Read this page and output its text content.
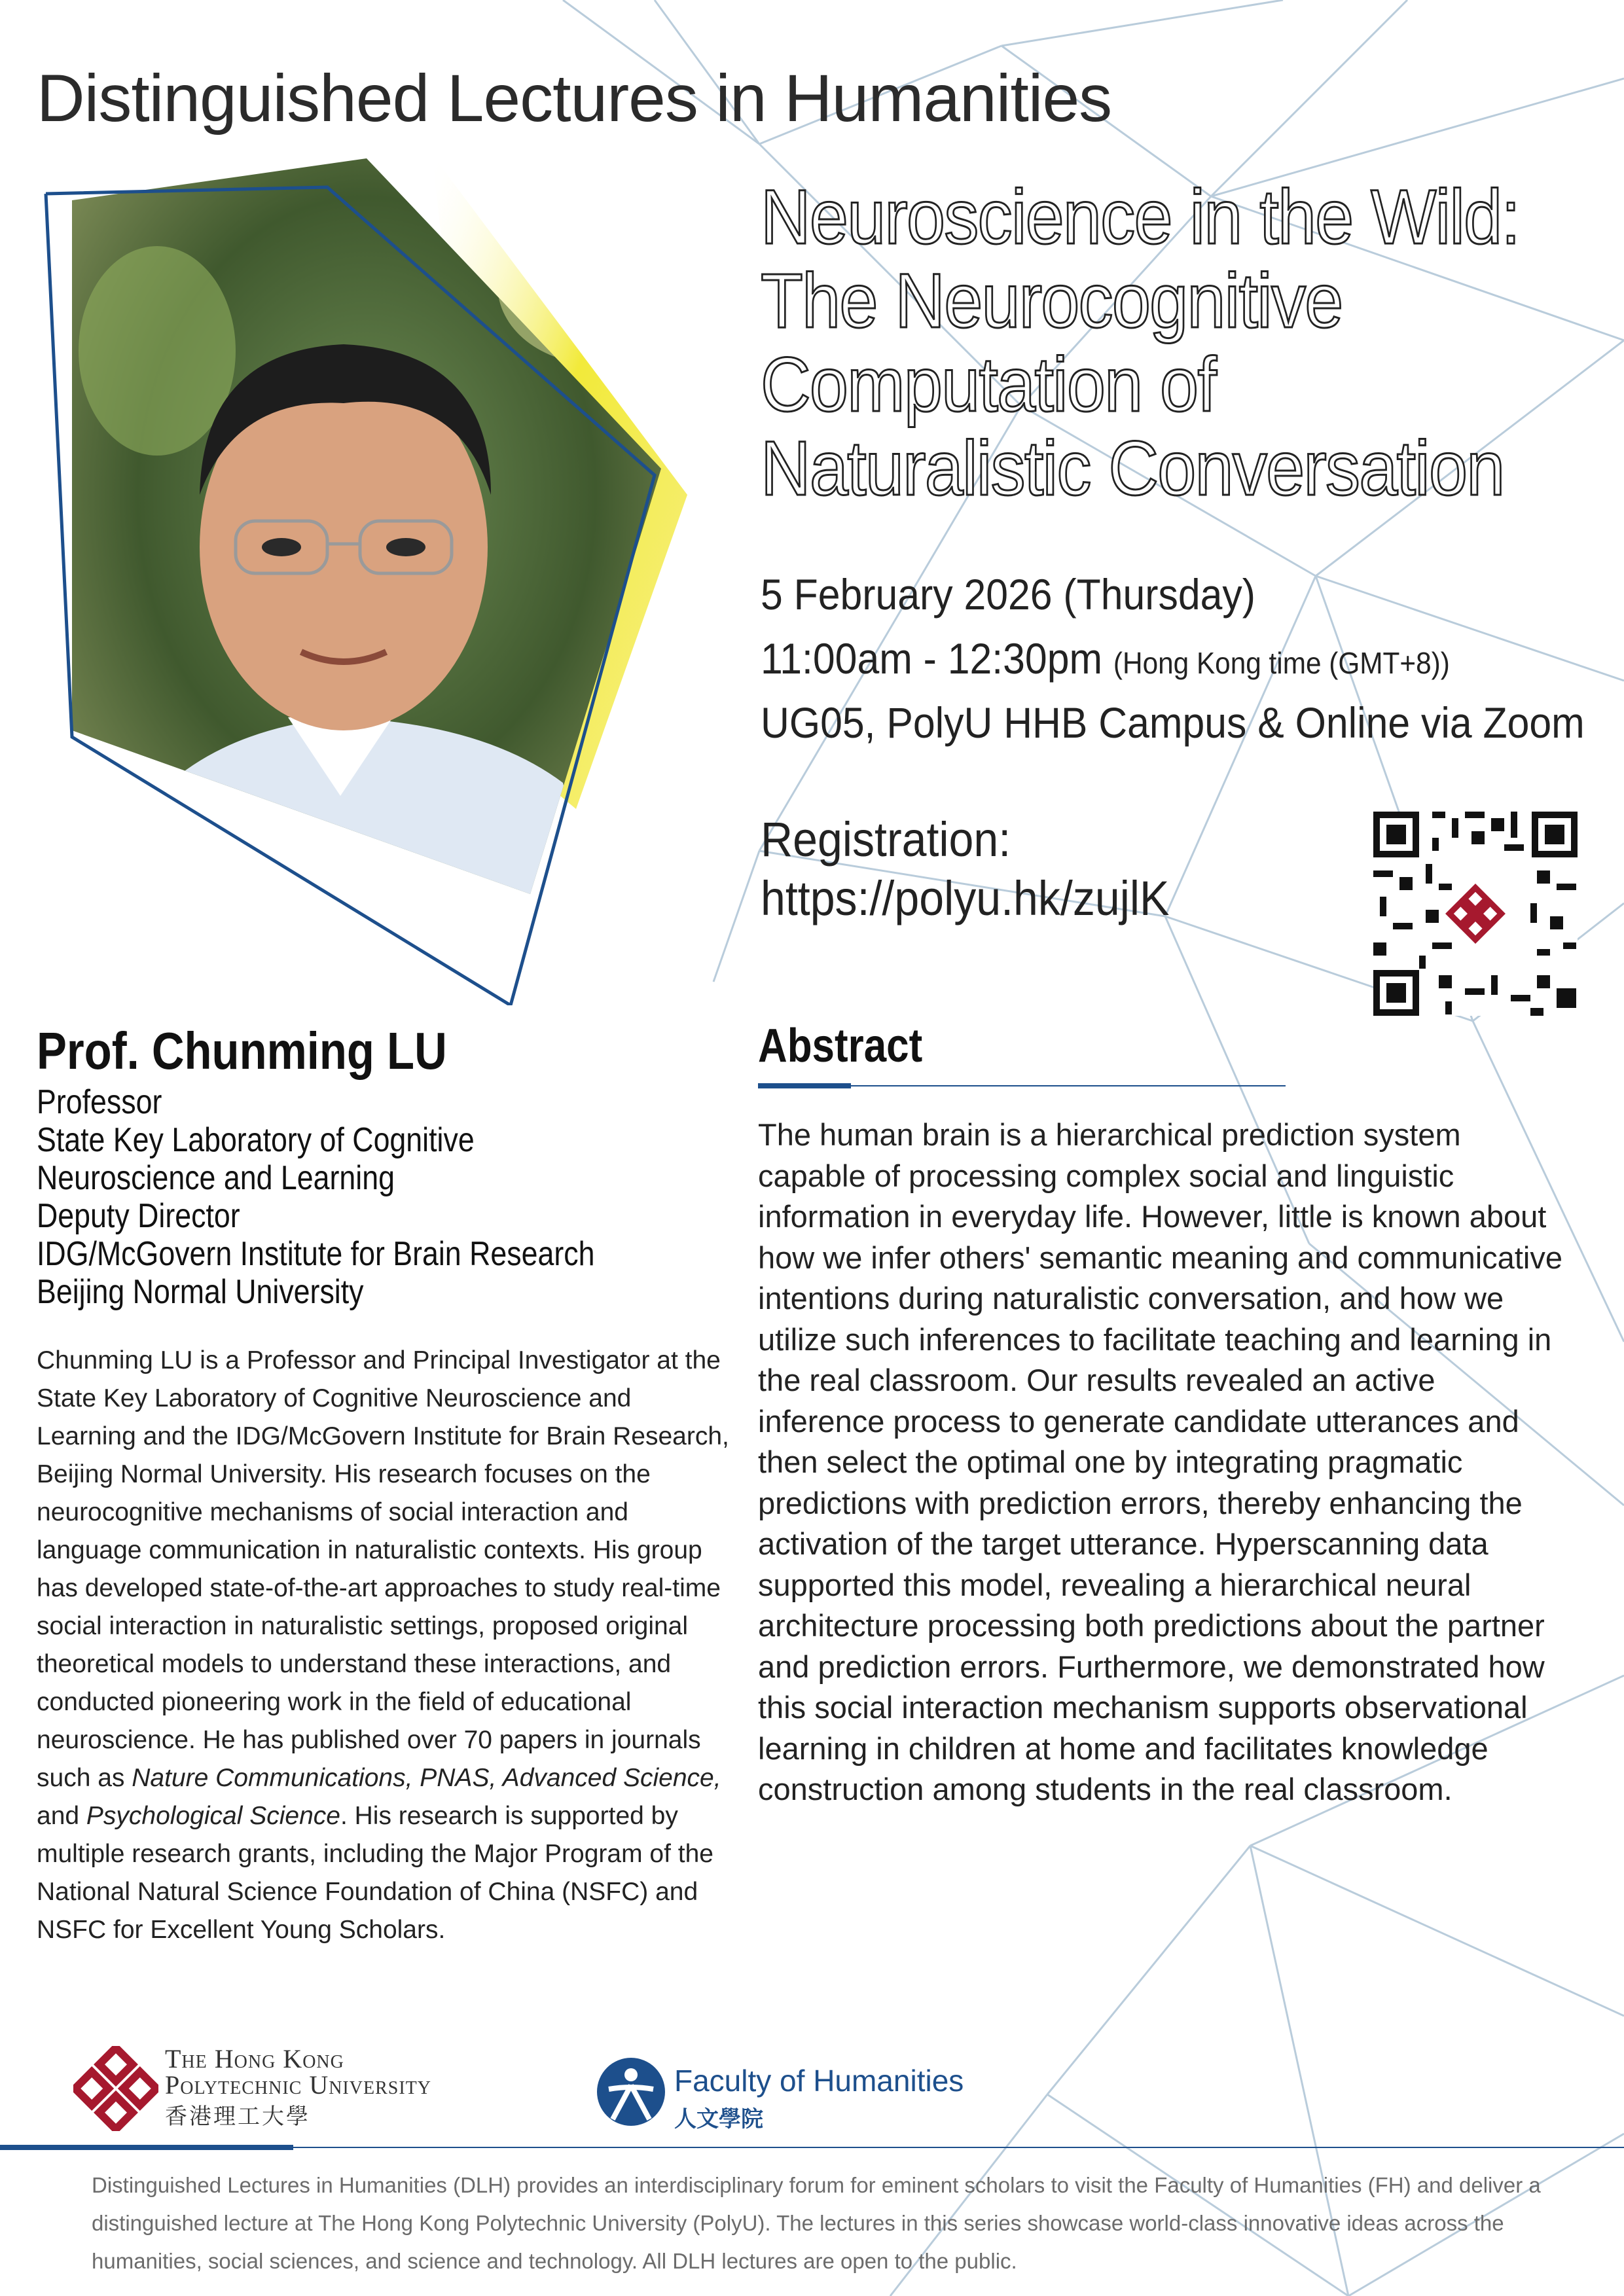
Distinguished Lectures in Humanities
Neuroscience in the Wild:
The Neurocognitive
Computation of
Naturalistic Conversation
5 February 2026 (Thursday)
11:00am - 12:30pm (Hong Kong time (GMT+8))
UG05, PolyU HHB Campus & Online via Zoom
Registration:
https://polyu.hk/zujlK
Prof. Chunming LU
Professor
State Key Laboratory of Cognitive
Neuroscience and Learning
Deputy Director
IDG/McGovern Institute for Brain Research
Beijing Normal University
Chunming LU is a Professor and Principal Investigator at the State Key Laboratory of Cognitive Neuroscience and Learning and the IDG/McGovern Institute for Brain Research, Beijing Normal University. His research focuses on the neurocognitive mechanisms of social interaction and language communication in naturalistic contexts. His group has developed state-of-the-art approaches to study real-time social interaction in naturalistic settings, proposed original theoretical models to understand these interactions, and conducted pioneering work in the field of educational neuroscience. He has published over 70 papers in journals such as Nature Communications, PNAS, Advanced Science, and Psychological Science. His research is supported by multiple research grants, including the Major Program of the National Natural Science Foundation of China (NSFC) and NSFC for Excellent Young Scholars.
Abstract
The human brain is a hierarchical prediction system capable of processing complex social and linguistic information in everyday life. However, little is known about how we infer others' semantic meaning and communicative intentions during naturalistic conversation, and how we utilize such inferences to facilitate teaching and learning in the real classroom. Our results revealed an active inference process to generate candidate utterances and then select the optimal one by integrating pragmatic predictions with prediction errors, thereby enhancing the activation of the target utterance. Hyperscanning data supported this model, revealing a hierarchical neural architecture processing both predictions about the partner and prediction errors. Furthermore, we demonstrated how this social interaction mechanism supports observational learning in children at home and facilitates knowledge construction among students in the real classroom.
The Hong Kong
Polytechnic University
香港理工大學
Faculty of Humanities
人文學院
Distinguished Lectures in Humanities (DLH) provides an interdisciplinary forum for eminent scholars to visit the Faculty of Humanities (FH) and deliver a distinguished lecture at The Hong Kong Polytechnic University (PolyU). The lectures in this series showcase world-class innovative ideas across the humanities, social sciences, and science and technology. All DLH lectures are open to the public.
